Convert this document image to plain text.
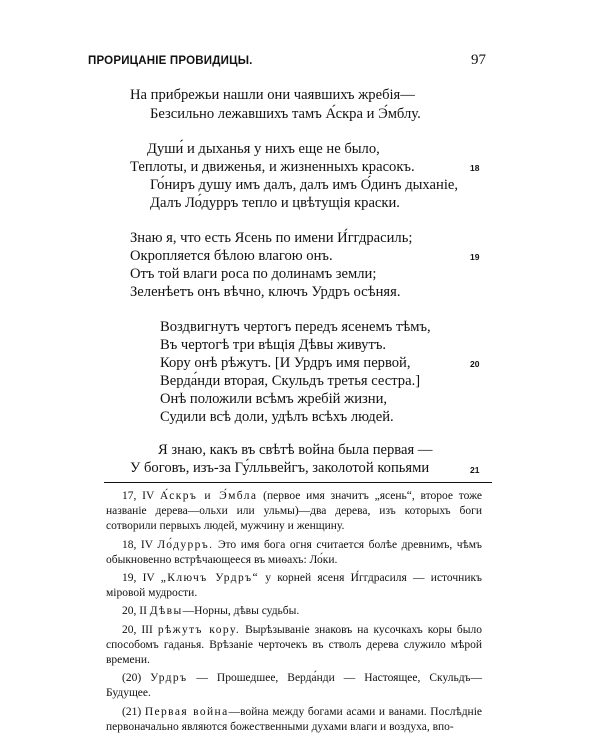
ПРОРИЦАНІЕ ПРОВИДИЦЫ.	97
На прибрежьи нашли они чаявшихъ жребія—
Безсильно лежавшихъ тамъ А́скра и Э́мблу.
Души́ и дыханья у нихъ еще не было,
Теплоты, и движенья, и жизненныхъ красокъ.
Го́ниръ душу имъ далъ, далъ имъ О́динъ дыханіе,
Далъ Ло́дурръ тепло и цвѣтущія краски.
18
Знаю я, что есть Ясень по имени И́ггдрасиль;
Окропляется бѣлою влагою онъ.
Отъ той влаги роса по долинамъ земли;
Зеленѣетъ онъ вѣчно, ключъ Урдръ осѣняя.
19
Воздвигнутъ чертогъ передъ ясенемъ тѣмъ,
Въ чертогѣ три вѣщія Дѣвы живутъ.
Кору онѣ рѣжутъ. [И Урдръ имя первой,
Верда́нди вторая, Скульдъ третья сестра.]
Онѣ положили всѣмъ жребій жизни,
Судили всѣ доли, удѣлъ всѣхъ людей.
20
Я знаю, какъ въ свѣтѣ война была первая —
У боговъ, изъ-за Гу́лльвейгъ, заколотой копьями	21

17, IV А́скръ и Э́мбла (первое имя значитъ „ясень“, второе тоже названіе дерева—ольхи или ульмы)—два дерева, изъ которыхъ боги сотворили первыхъ людей, мужчину и женщину.

18, IV Ло́дурръ. Это имя бога огня считается болѣе древнимъ, чѣмъ обыкновенно встрѣчающееся въ миѳахъ: Ло́ки.

19, IV „Ключъ Урдръ“ у корней ясеня И́ггдрасиля — источникъ міровой мудрости.

20, II Дѣвы—Норны, дѣвы судьбы.

20, III рѣжутъ кору. Вырѣзываніе знаковъ на кусочкахъ коры было способомъ гаданья. Врѣзаніе черточекъ въ стволъ дерева служило мѣрой времени.

(20) Урдръ — Прошедшее, Верда́нди — Настоящее, Скульдъ— Будущее.

(21) Первая война—война между богами асами и ванами. Послѣдніе первоначально являются божественными духами влаги и воздуха, впо-
